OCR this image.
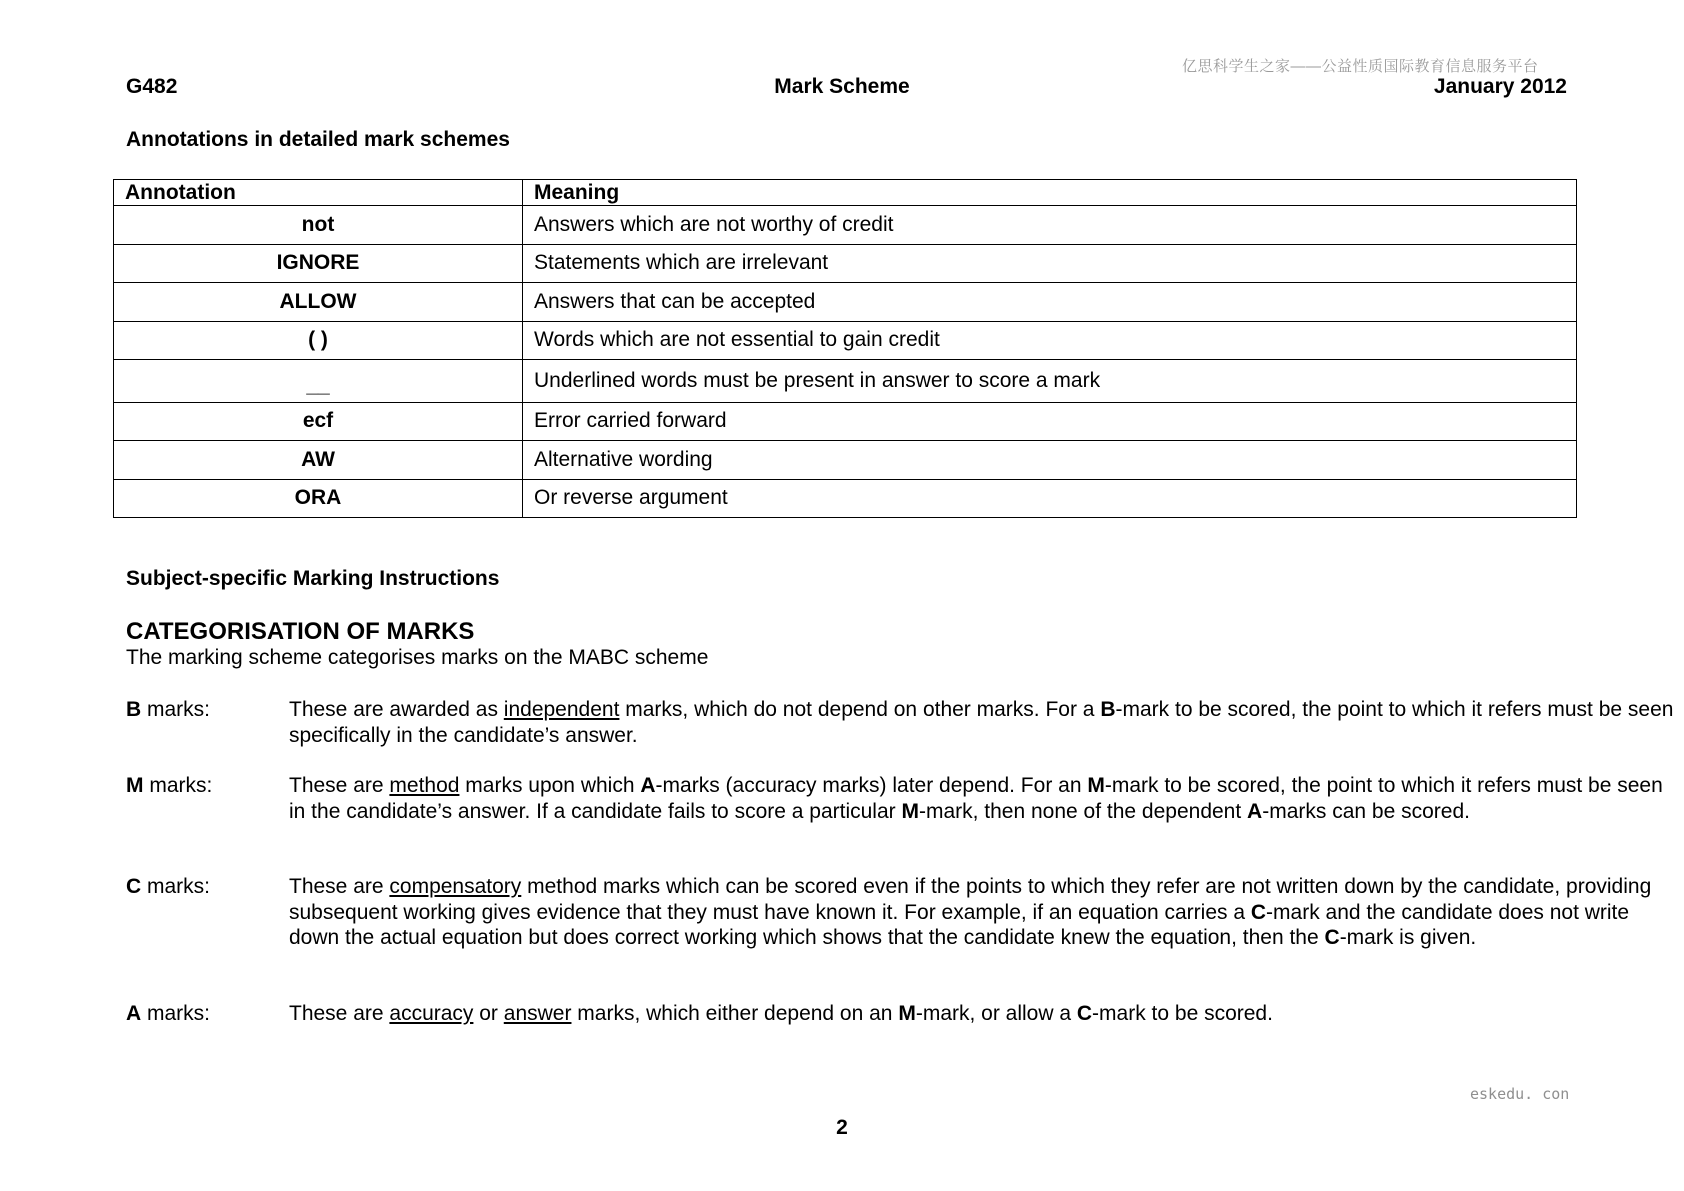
亿思科学生之家——公益性质国际教育信息服务平台
G482	Mark Scheme	January 2012
Annotations in detailed mark schemes
Annotation	Meaning
not	Answers which are not worthy of credit
IGNORE	Statements which are irrelevant
ALLOW	Answers that can be accepted
( )	Words which are not essential to gain credit
__	Underlined words must be present in answer to score a mark
ecf	Error carried forward
AW	Alternative wording
ORA	Or reverse argument
Subject-specific Marking Instructions
CATEGORISATION OF MARKS
The marking scheme categorises marks on the MABC scheme
B marks:	These are awarded as independent marks, which do not depend on other marks. For a B-mark to be scored, the point to which it refers must be seen specifically in the candidate’s answer.
M marks:	These are method marks upon which A-marks (accuracy marks) later depend. For an M-mark to be scored, the point to which it refers must be seen in the candidate’s answer. If a candidate fails to score a particular M-mark, then none of the dependent A-marks can be scored.
C marks:	These are compensatory method marks which can be scored even if the points to which they refer are not written down by the candidate, providing subsequent working gives evidence that they must have known it. For example, if an equation carries a C-mark and the candidate does not write down the actual equation but does correct working which shows that the candidate knew the equation, then the C-mark is given.
A marks:	These are accuracy or answer marks, which either depend on an M-mark, or allow a C-mark to be scored.
eskedu. con
2
